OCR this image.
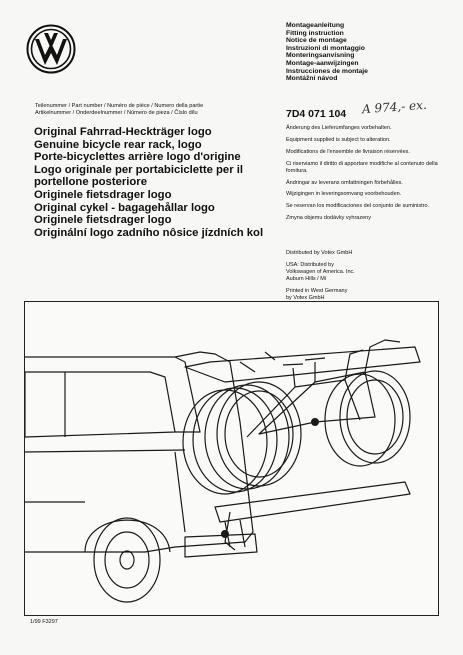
Teilenummer / Part number / Numéro de pièce / Numero della partie
Artikelnummer / Onderdeelnummer / Número de pieza / Číslo dílu
Original Fahrrad-Heckträger logo
Genuine bicycle rear rack, logo
Porte-bicyclettes arrière logo d'origine
Logo originale per portabiciclette per il
portellone posteriore
Originele fietsdrager logo
Original cykel - bagagehållar logo
Originele fietsdrager logo
Originální logo zadního nôsice jízdních kol
Montageanleitung
Fitting instruction
Notice de montage
Instruzioni di montaggio
Monteringsanvisning
Montage-aanwijzingen
Instrucciones de montaje
Montážní návod
7D4 071 104 A 974,- ex.

Änderung des Lieferumfanges vorbehalten.

Equipment supplied is subject to alteration.

Modifications de l'ensemble de livraison réservées.

Ci riserviamo il diritto di apportare modifiche al contenuto della fornitura.

Ändringar av leverans omfattningen förbehålles.

Wijzigingen in leveringsomvang voorbehouden.

Se reservan los modificaciones del conjunto de suministro.

Zmyna objemu dodávky vyhrazeny

Distributed by Votex GmbH

USA: Distributed by
Volkswagen of America. Inc.
Auburn Hills / Mi

Printed in West Germany
by Votex GmbH

1/99 F3297
